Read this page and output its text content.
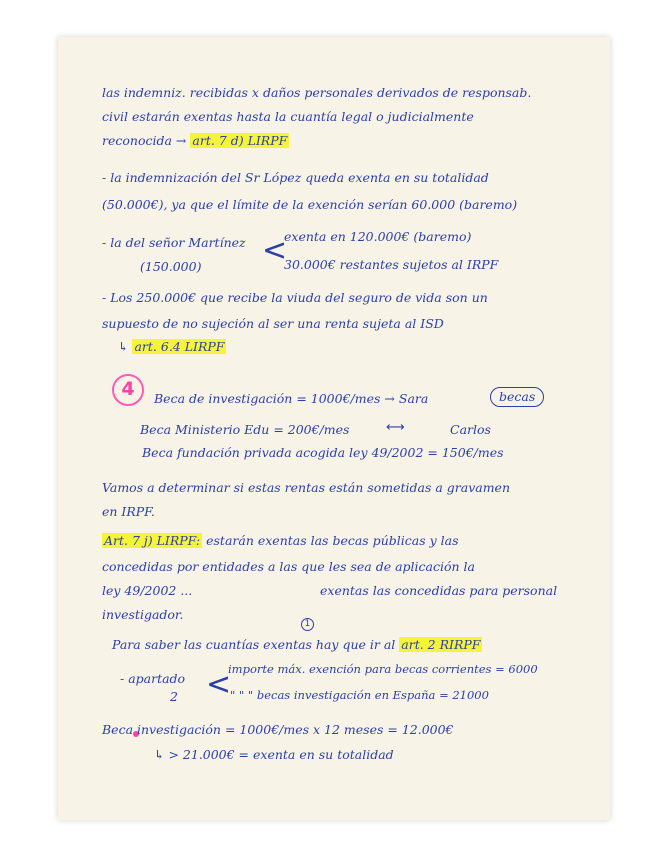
las indemniz. recibidas x daños personales derivados de responsab.

civil estarán exentas hasta la cuantía legal o judicialmente

reconocida → art. 7 d) LIRPF

- la indemnización del Sr López queda exenta en su totalidad

(50.000€), ya que el límite de la exención serían 60.000 (baremo)

- la del señor Martínez <

exenta en 120.000€ (baremo)

(150.000)	30.000€ restantes sujetos al IRPF

- Los 250.000€ que recibe la viuda del seguro de vida son un

supuesto de no sujeción al ser una renta sujeta al ISD

↳ art. 6.4 LIRPF

4	Beca de investigación = 1000€/mes → Sara	becas

Beca Ministerio Edu = 200€/mes	⟷	Carlos

Beca fundación privada acogida ley 49/2002 = 150€/mes

Vamos a determinar si estas rentas están sometidas a gravamen

en IRPF.

Art. 7 j) LIRPF: estarán exentas las becas públicas y las

concedidas por entidades a las que les sea de aplicación la

ley 49/2002 ...

1

exentas las concedidas para personal

investigador.

Para saber las cuantías exentas hay que ir al art. 2 RIRPF

- apartado <

importe máx. exención para becas corrientes = 6000

2	" " " becas investigación en España = 21000

Beca investigación = 1000€/mes x 12 meses = 12.000€

↳ > 21.000€ = exenta en su totalidad
